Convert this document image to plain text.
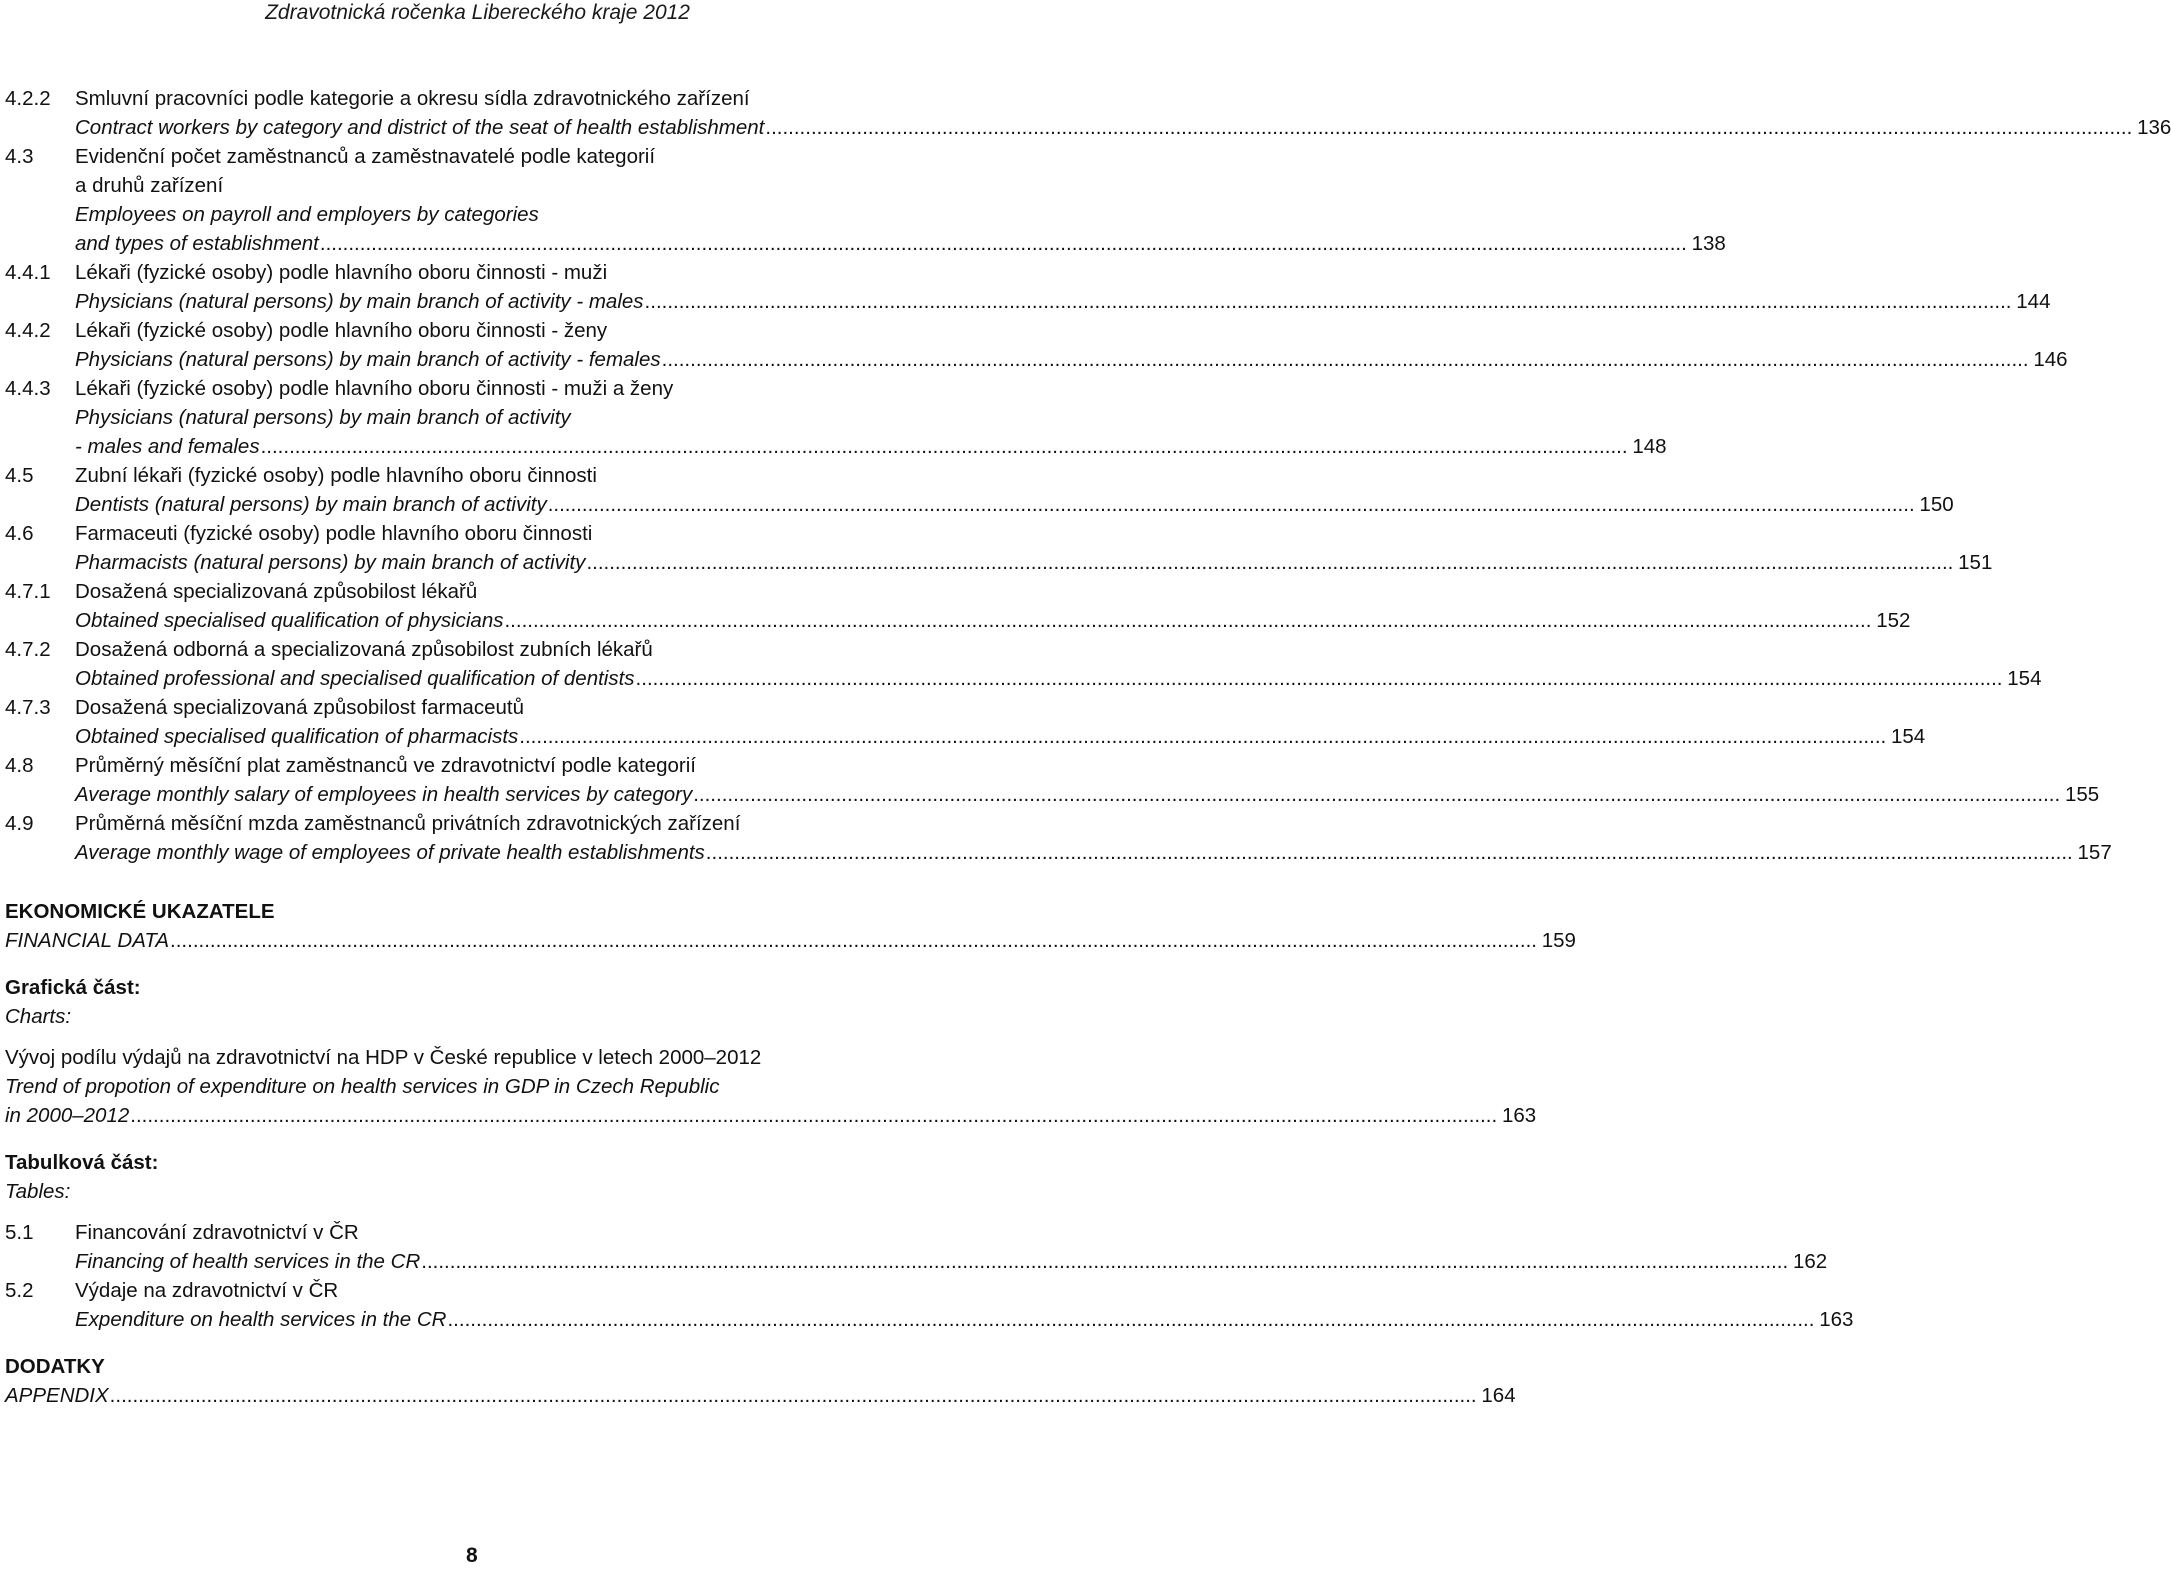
Zdravotnická ročenka Libereckého kraje 2012
4.2.2	Smluvní pracovníci podle kategorie a okresu sídla zdravotnického zařízení
Contract workers by category and district of the seat of health establishment .....	136
4.3	Evidenční počet zaměstnanců a zaměstnavatelé podle kategorií
a druhů zařízení
Employees on payroll and employers by categories
and types of establishment .....	138
4.4.1	Lékaři (fyzické osoby) podle hlavního oboru činnosti - muži
Physicians (natural persons) by main branch of activity - males .....	144
4.4.2	Lékaři (fyzické osoby) podle hlavního oboru činnosti - ženy
Physicians (natural persons) by main branch of activity - females .....	146
4.4.3	Lékaři (fyzické osoby) podle hlavního oboru činnosti - muži a ženy
Physicians (natural persons) by main branch of activity
- males and females .....	148
4.5	Zubní lékaři (fyzické osoby) podle hlavního oboru činnosti
Dentists (natural persons) by main branch of activity .....	150
4.6	Farmaceuti (fyzické osoby) podle hlavního oboru činnosti
Pharmacists (natural persons) by main branch of activity .....	151
4.7.1	Dosažená specializovaná způsobilost lékařů
Obtained specialised qualification of physicians .....	152
4.7.2	Dosažená odborná a specializovaná způsobilost zubních lékařů
Obtained professional and specialised qualification of dentists .....	154
4.7.3	Dosažená specializovaná způsobilost farmaceutů
Obtained specialised qualification of pharmacists .....	154
4.8	Průměrný měsíční plat zaměstnanců ve zdravotnictví podle kategorií
Average monthly salary of employees in health services by category .....	155
4.9	Průměrná měsíční mzda zaměstnanců privátních zdravotnických zařízení
Average monthly wage of employees of private health establishments .....	157
EKONOMICKÉ UKAZATELE
FINANCIAL DATA .....	159
Grafická část:
Charts:
Vývoj podílu výdajů na zdravotnictví na HDP v České republice v letech 2000–2012
Trend of propotion of expenditure on health services in GDP in Czech Republic
in 2000–2012 .....	163
Tabulková část:
Tables:
5.1	Financování zdravotnictví v ČR
Financing of health services in the CR .....	162
5.2	Výdaje na zdravotnictví v ČR
Expenditure on health services in the CR .....	163
DODATKY
APPENDIX .....	164
8
